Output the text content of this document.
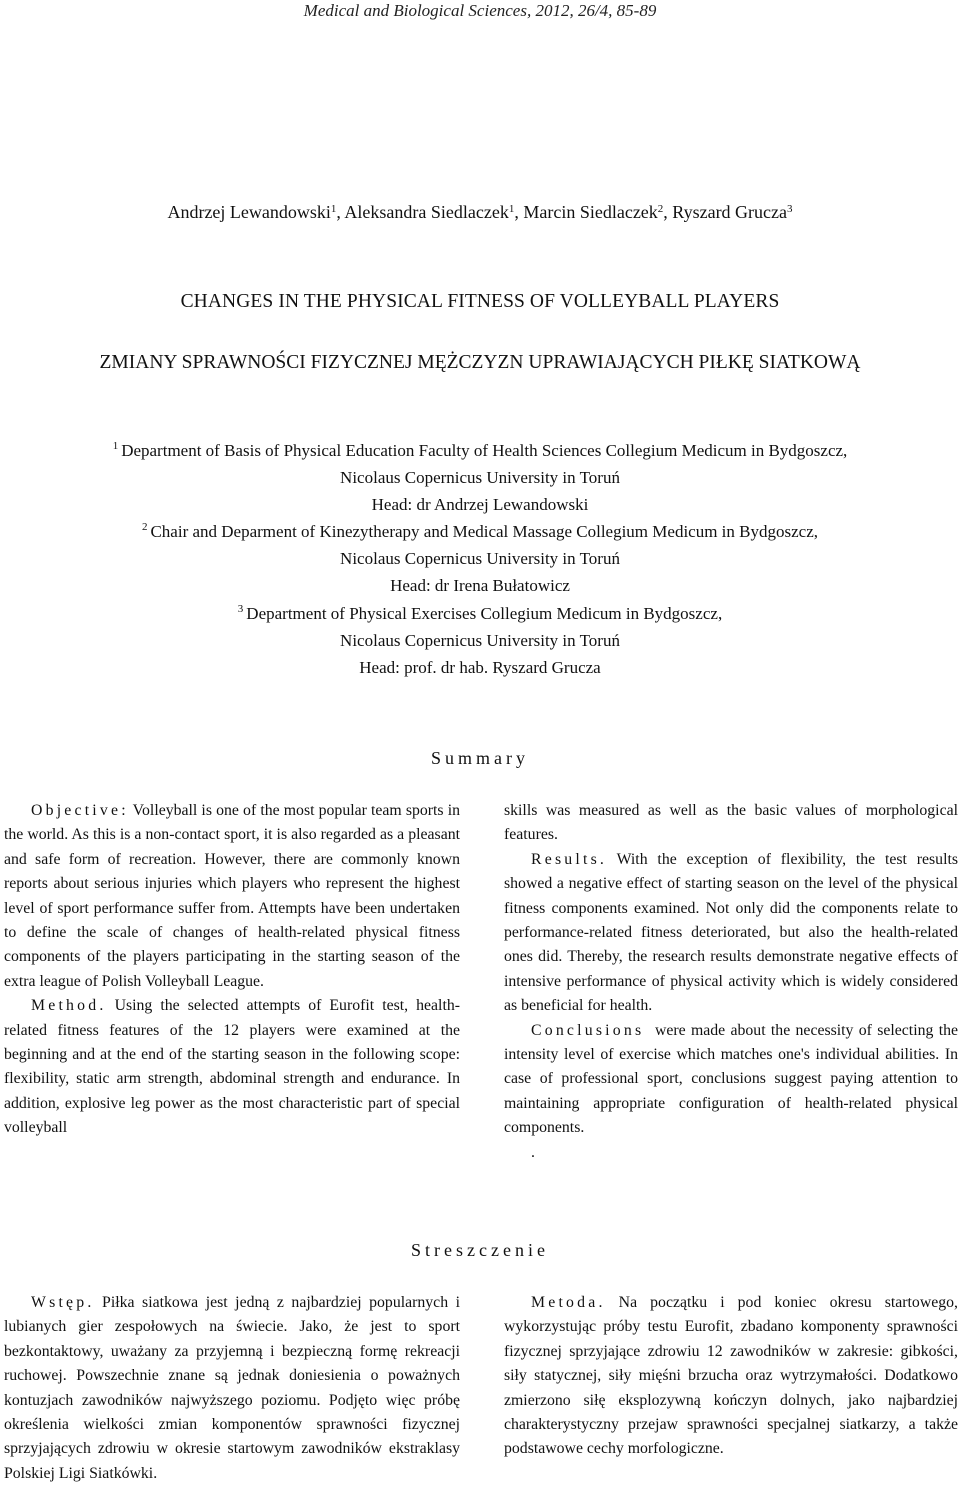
Medical and Biological Sciences, 2012, 26/4, 85-89
Andrzej Lewandowski$^1$, Aleksandra Siedlaczek$^1$, Marcin Siedlaczek$^2$, Ryszard Grucza$^3$
CHANGES IN THE PHYSICAL FITNESS OF VOLLEYBALL PLAYERS
ZMIANY SPRAWNOŚCI FIZYCZNEJ MĘŻCZYZN UPRAWIAJĄCYCH PIŁKĘ SIATKOWĄ
$^1$ Department of Basis of Physical Education Faculty of Health Sciences Collegium Medicum in Bydgoszcz,
Nicolaus Copernicus University in Toruń
Head: dr Andrzej Lewandowski
$^2$ Chair and Deparment of Kinezytherapy and Medical Massage Collegium Medicum in Bydgoszcz,
Nicolaus Copernicus University in Toruń
Head: dr Irena Bułatowicz
$^3$ Department of Physical Exercises Collegium Medicum in Bydgoszcz,
Nicolaus Copernicus University in Toruń
Head: prof. dr hab. Ryszard Grucza
Summary

Objective: Volleyball is one of the most popular team sports in the world. As this is a non-contact sport, it is also regarded as a pleasant and safe form of recreation. However, there are commonly known reports about serious injuries which players who represent the highest level of sport performance suffer from. Attempts have been undertaken to define the scale of changes of health-related physical fitness components of the players participating in the starting season of the extra league of Polish Volleyball League.

Method. Using the selected attempts of Eurofit test, health-related fitness features of the 12 players were examined at the beginning and at the end of the starting season in the following scope: flexibility, static arm strength, abdominal strength and endurance. In addition, explosive leg power as the most characteristic part of special volleyball

skills was measured as well as the basic values of morphological features.

Results. With the exception of flexibility, the test results showed a negative effect of starting season on the level of the physical fitness components examined. Not only did the components relate to performance-related fitness deteriorated, but also the health-related ones did. Thereby, the research results demonstrate negative effects of intensive performance of physical activity which is widely considered as beneficial for health.

Conclusions were made about the necessity of selecting the intensity level of exercise which matches one's individual abilities. In case of professional sport, conclusions suggest paying attention to maintaining appropriate configuration of health-related physical components.

.

Streszczenie

Wstęp. Piłka siatkowa jest jedną z najbardziej popularnych i lubianych gier zespołowych na świecie. Jako, że jest to sport bezkontaktowy, uważany za przyjemną i bezpieczną formę rekreacji ruchowej. Powszechnie znane są jednak doniesienia o poważnych kontuzjach zawodników najwyższego poziomu. Podjęto więc próbę określenia wielkości zmian komponentów sprawności fizycznej sprzyjających zdrowiu w okresie startowym zawodników ekstraklasy Polskiej Ligi Siatkówki.

Metoda. Na początku i pod koniec okresu startowego, wykorzystując próby testu Eurofit, zbadano komponenty sprawności fizycznej sprzyjające zdrowiu 12 zawodników w zakresie: gibkości, siły statycznej, siły mięśni brzucha oraz wytrzymałości. Dodatkowo zmierzono siłę eksplozywną kończyn dolnych, jako najbardziej charakterystyczny przejaw sprawności specjalnej siatkarzy, a także podstawowe cechy morfologiczne.
